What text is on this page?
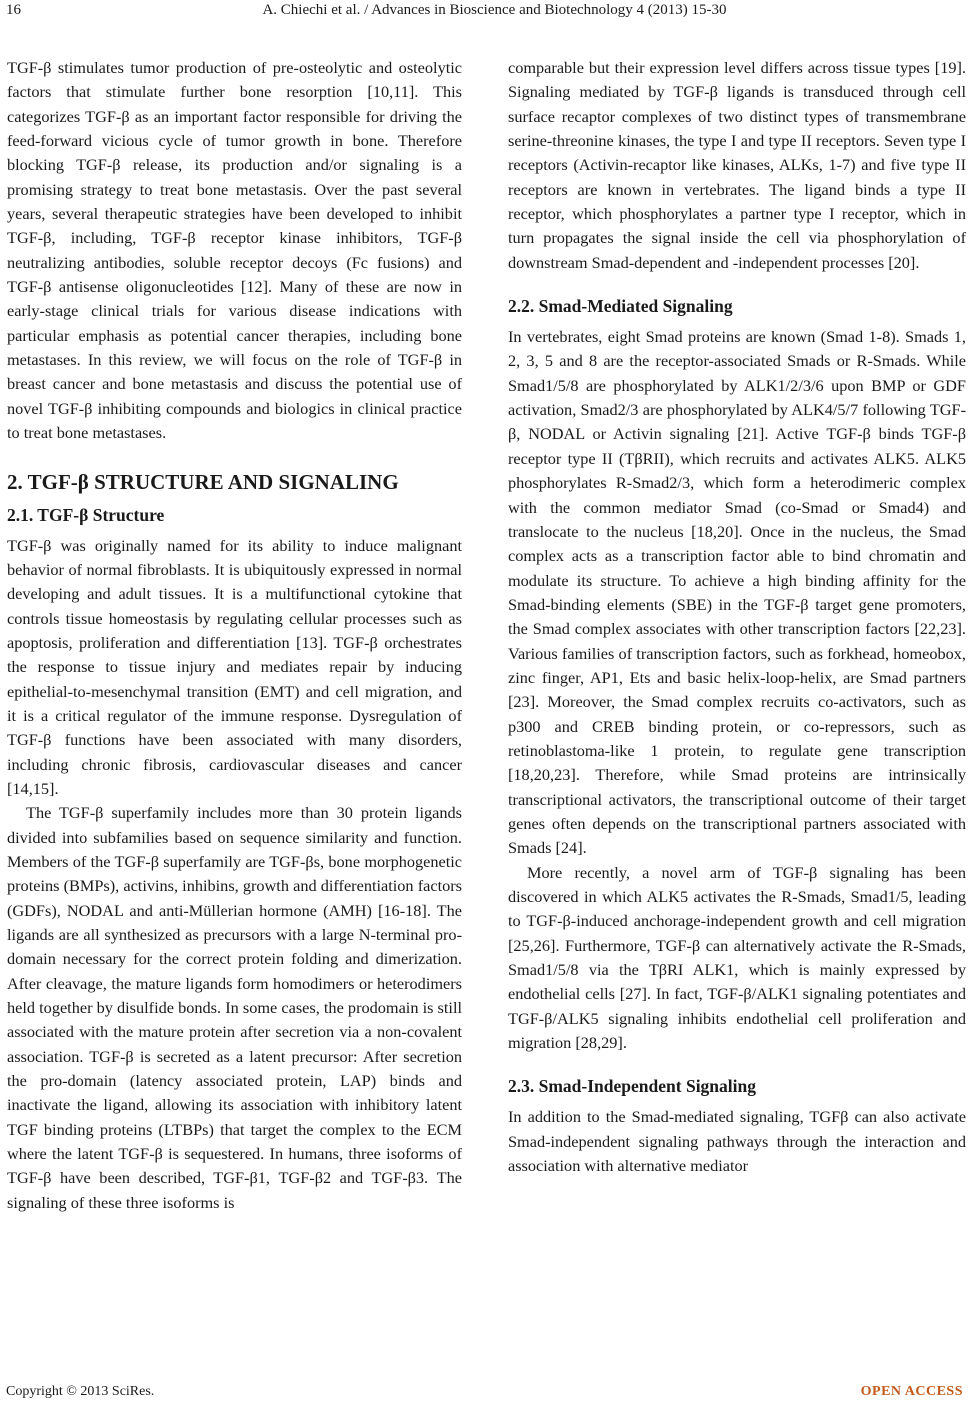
16	A. Chiechi et al. / Advances in Bioscience and Biotechnology 4 (2013) 15-30

TGF-β stimulates tumor production of pre-osteolytic and osteolytic factors that stimulate further bone resorption [10,11]. This categorizes TGF-β as an important factor responsible for driving the feed-forward vicious cycle of tumor growth in bone. Therefore blocking TGF-β release, its production and/or signaling is a promising strategy to treat bone metastasis. Over the past several years, several therapeutic strategies have been developed to inhibit TGF-β, including, TGF-β receptor kinase inhibitors, TGF-β neutralizing antibodies, soluble receptor decoys (Fc fusions) and TGF-β antisense oligonucleotides [12]. Many of these are now in early-stage clinical trials for various disease indications with particular emphasis as potential cancer therapies, including bone metastases. In this review, we will focus on the role of TGF-β in breast cancer and bone metastasis and discuss the potential use of novel TGF-β inhibiting compounds and biologics in clinical practice to treat bone metastases.

2. TGF-β STRUCTURE AND SIGNALING
2.1. TGF-β Structure

TGF-β was originally named for its ability to induce malignant behavior of normal fibroblasts. It is ubiquitously expressed in normal developing and adult tissues. It is a multifunctional cytokine that controls tissue homeostasis by regulating cellular processes such as apoptosis, proliferation and differentiation [13]. TGF-β orchestrates the response to tissue injury and mediates repair by inducing epithelial-to-mesenchymal transition (EMT) and cell migration, and it is a critical regulator of the immune response. Dysregulation of TGF-β functions have been associated with many disorders, including chronic fibrosis, cardiovascular diseases and cancer [14,15].

The TGF-β superfamily includes more than 30 protein ligands divided into subfamilies based on sequence similarity and function. Members of the TGF-β superfamily are TGF-βs, bone morphogenetic proteins (BMPs), activins, inhibins, growth and differentiation factors (GDFs), NODAL and anti-Müllerian hormone (AMH) [16-18]. The ligands are all synthesized as precursors with a large N-terminal pro-domain necessary for the correct protein folding and dimerization. After cleavage, the mature ligands form homodimers or heterodimers held together by disulfide bonds. In some cases, the prodomain is still associated with the mature protein after secretion via a non-covalent association. TGF-β is secreted as a latent precursor: After secretion the pro-domain (latency associated protein, LAP) binds and inactivate the ligand, allowing its association with inhibitory latent TGF binding proteins (LTBPs) that target the complex to the ECM where the latent TGF-β is sequestered. In humans, three isoforms of TGF-β have been described, TGF-β1, TGF-β2 and TGF-β3. The signaling of these three isoforms is

comparable but their expression level differs across tissue types [19]. Signaling mediated by TGF-β ligands is transduced through cell surface recaptor complexes of two distinct types of transmembrane serine-threonine kinases, the type I and type II receptors. Seven type I receptors (Activin-recaptor like kinases, ALKs, 1-7) and five type II receptors are known in vertebrates. The ligand binds a type II receptor, which phosphorylates a partner type I receptor, which in turn propagates the signal inside the cell via phosphorylation of downstream Smad-dependent and -independent processes [20].

2.2. Smad-Mediated Signaling

In vertebrates, eight Smad proteins are known (Smad 1-8). Smads 1, 2, 3, 5 and 8 are the receptor-associated Smads or R-Smads. While Smad1/5/8 are phosphorylated by ALK1/2/3/6 upon BMP or GDF activation, Smad2/3 are phosphorylated by ALK4/5/7 following TGF-β, NODAL or Activin signaling [21]. Active TGF-β binds TGF-β receptor type II (TβRII), which recruits and activates ALK5. ALK5 phosphorylates R-Smad2/3, which form a heterodimeric complex with the common mediator Smad (co-Smad or Smad4) and translocate to the nucleus [18,20]. Once in the nucleus, the Smad complex acts as a transcription factor able to bind chromatin and modulate its structure. To achieve a high binding affinity for the Smad-binding elements (SBE) in the TGF-β target gene promoters, the Smad complex associates with other transcription factors [22,23]. Various families of transcription factors, such as forkhead, homeobox, zinc finger, AP1, Ets and basic helix-loop-helix, are Smad partners [23]. Moreover, the Smad complex recruits co-activators, such as p300 and CREB binding protein, or co-repressors, such as retinoblastoma-like 1 protein, to regulate gene transcription [18,20,23]. Therefore, while Smad proteins are intrinsically transcriptional activators, the transcriptional outcome of their target genes often depends on the transcriptional partners associated with Smads [24].

More recently, a novel arm of TGF-β signaling has been discovered in which ALK5 activates the R-Smads, Smad1/5, leading to TGF-β-induced anchorage-independent growth and cell migration [25,26]. Furthermore, TGF-β can alternatively activate the R-Smads, Smad1/5/8 via the TβRI ALK1, which is mainly expressed by endothelial cells [27]. In fact, TGF-β/ALK1 signaling potentiates and TGF-β/ALK5 signaling inhibits endothelial cell proliferation and migration [28,29].

2.3. Smad-Independent Signaling

In addition to the Smad-mediated signaling, TGFβ can also activate Smad-independent signaling pathways through the interaction and association with alternative mediator

Copyright © 2013 SciRes.	OPEN ACCESS
